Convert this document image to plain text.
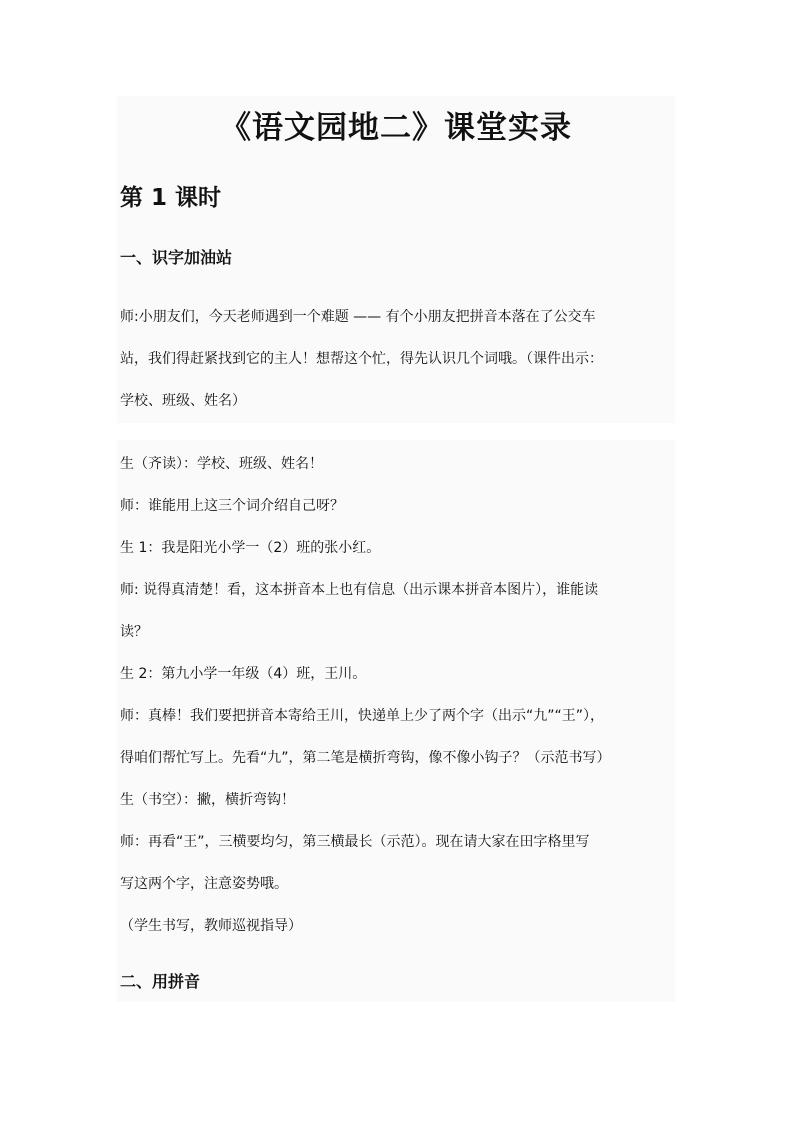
《语文园地二》课堂实录
第 1 课时
一、识字加油站
师:小朋友们，今天老师遇到一个难题 —— 有个小朋友把拼音本落在了公交车
站，我们得赶紧找到它的主人！想帮这个忙，得先认识几个词哦。（课件出示：
学校、班级、姓名）
生（齐读）：学校、班级、姓名！
师：谁能用上这三个词介绍自己呀？
生 1：我是阳光小学一（2）班的张小红。
师: 说得真清楚！看，这本拼音本上也有信息（出示课本拼音本图片），谁能读
读？
生 2：第九小学一年级（4）班，王川。
师：真棒！我们要把拼音本寄给王川，快递单上少了两个字（出示“九”“王”），
得咱们帮忙写上。先看“九”，第二笔是横折弯钩，像不像小钩子？（示范书写）
生（书空）：撇，横折弯钩！
师：再看“王”，三横要均匀，第三横最长（示范）。现在请大家在田字格里写
写这两个字，注意姿势哦。
（学生书写，教师巡视指导）
二、用拼音
